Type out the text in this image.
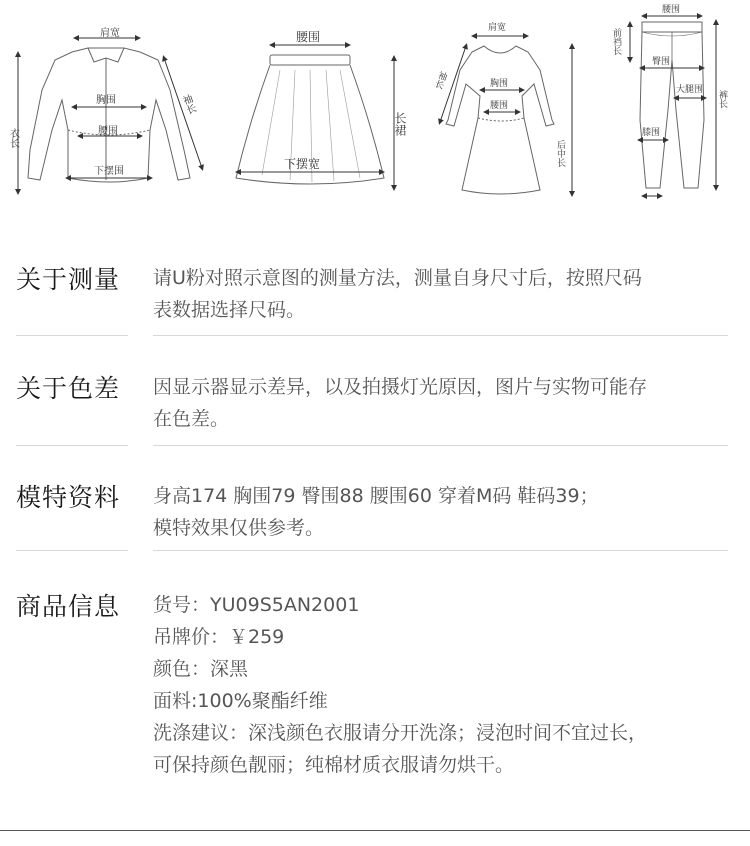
肩宽
胸围
腰围
下摆围
衣长
袖长
腰围
下摆宽
长裙
肩宽
胸围
腰围
袖长
后中长
腰围
前裆长
臀围
大腿围
膝围
裤长
关于测量 请U粉对照示意图的测量方法，测量自身尺寸后，按照尺码
表数据选择尺码。
关于色差 因显示器显示差异，以及拍摄灯光原因，图片与实物可能存
在色差。
模特资料 身高174 胸围79 臀围88 腰围60 穿着M码 鞋码39；
模特效果仅供参考。
商品信息 货号：YU09S5AN2001
吊牌价：￥259
颜色：深黑
面料:100%聚酯纤维
洗涤建议：深浅颜色衣服请分开洗涤；浸泡时间不宜过长，
可保持颜色靓丽；纯棉材质衣服请勿烘干。
